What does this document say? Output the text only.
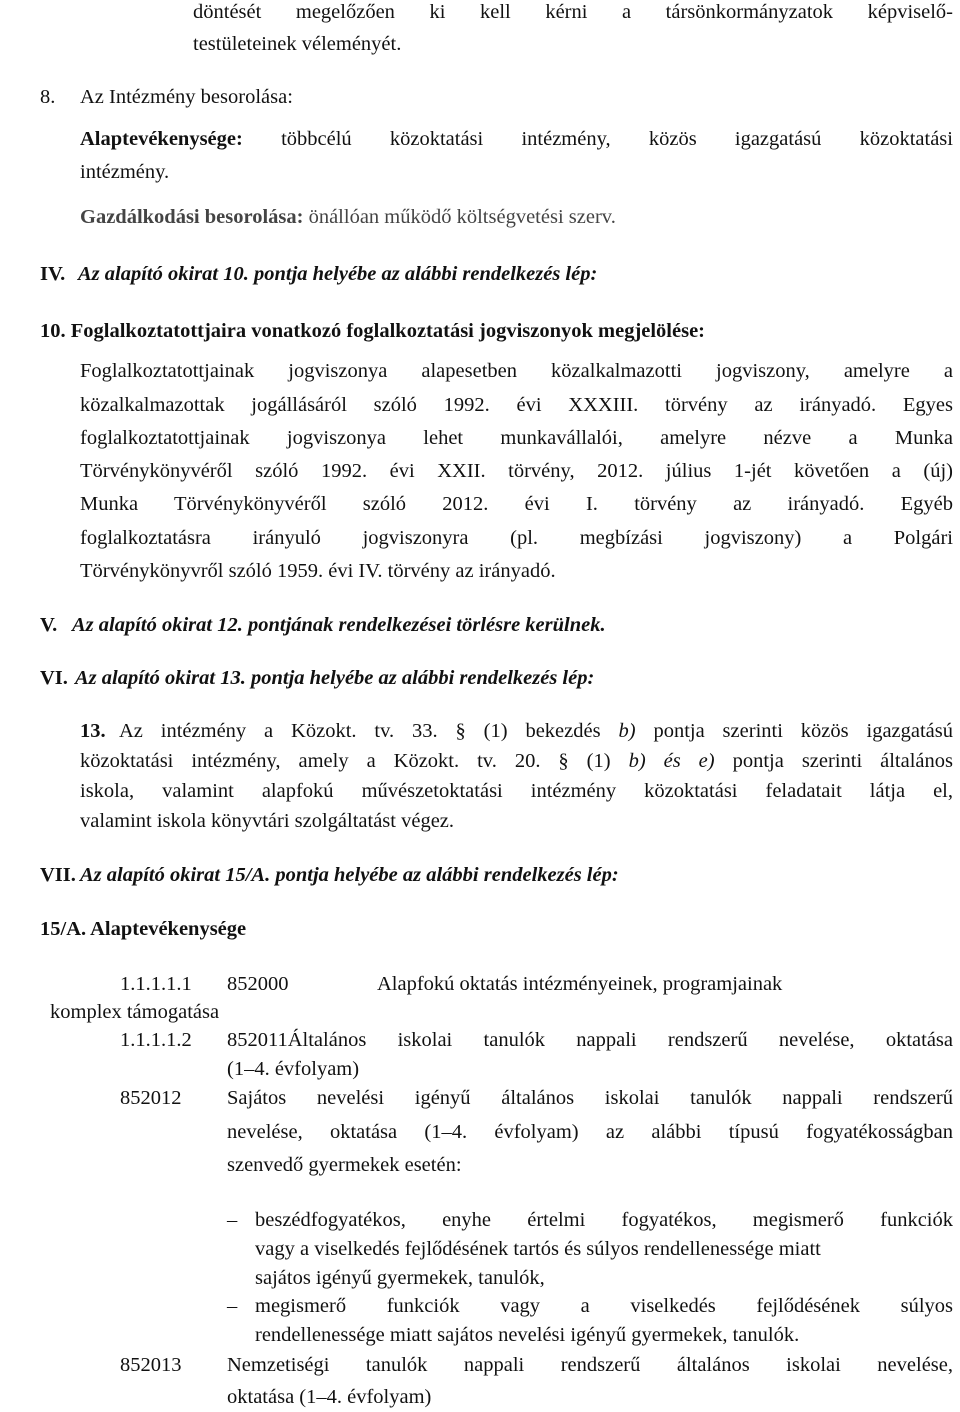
döntését megelőzően ki kell kérni a társönkormányzatok képviselő-
testületeinek véleményét.
8. Az Intézmény besorolása:
Alaptevékenysége: többcélú közoktatási intézmény, közös igazgatású közoktatási
intézmény.
Gazdálkodási besorolása: önállóan működő költségvetési szerv.
IV. Az alapító okirat 10. pontja helyébe az alábbi rendelkezés lép:
10. Foglalkoztatottjaira vonatkozó foglalkoztatási jogviszonyok megjelölése:
Foglalkoztatottjainak jogviszonya alapesetben közalkalmazotti jogviszony, amelyre a
közalkalmazottak jogállásáról szóló 1992. évi XXXIII. törvény az irányadó. Egyes
foglalkoztatottjainak jogviszonya lehet munkavállalói, amelyre nézve a Munka
Törvénykönyvéről szóló 1992. évi XXII. törvény, 2012. július 1-jét követően a (új)
Munka Törvénykönyvéről szóló 2012. évi I. törvény az irányadó. Egyéb
foglalkoztatásra irányuló jogviszonyra (pl. megbízási jogviszony) a Polgári
Törvénykönyvről szóló 1959. évi IV. törvény az irányadó.
V. Az alapító okirat 12. pontjának rendelkezései törlésre kerülnek.
VI. Az alapító okirat 13. pontja helyébe az alábbi rendelkezés lép:
13. Az intézmény a Közokt. tv. 33. § (1) bekezdés b) pontja szerinti közös igazgatású
közoktatási intézmény, amely a Közokt. tv. 20. § (1) b) és e) pontja szerinti általános
iskola, valamint alapfokú művészetoktatási intézmény közoktatási feladatait látja el,
valamint iskola könyvtári szolgáltatást végez.
VII. Az alapító okirat 15/A. pontja helyébe az alábbi rendelkezés lép:
15/A. Alaptevékenysége
1.1.1.1.1 852000	Alapfokú oktatás intézményeinek, programjainak
komplex támogatása
1.1.1.1.2 852011Általános iskolai tanulók nappali rendszerű nevelése, oktatása
(1–4. évfolyam)
852012 Sajátos nevelési igényű általános iskolai tanulók nappali rendszerű
nevelése, oktatása (1–4. évfolyam) az alábbi típusú fogyatékosságban
szenvedő gyermekek esetén:
– beszédfogyatékos, enyhe értelmi fogyatékos, megismerő funkciók
vagy a viselkedés fejlődésének tartós és súlyos rendellenessége miatt
sajátos igényű gyermekek, tanulók,
– megismerő funkciók vagy a viselkedés fejlődésének súlyos
rendellenessége miatt sajátos nevelési igényű gyermekek, tanulók.
852013 Nemzetiségi tanulók nappali rendszerű általános iskolai nevelése,
oktatása (1–4. évfolyam)
